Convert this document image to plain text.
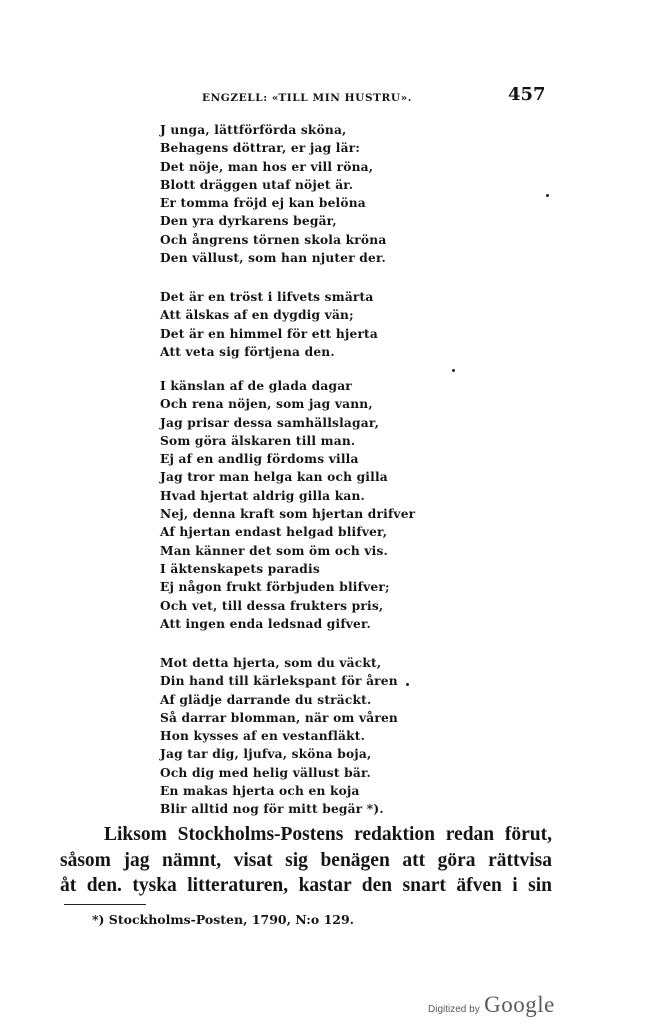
ENGZELL: «TILL MIN HUSTRU».	457
J unga, lättförförda sköna,
Behagens döttrar, er jag lär:
Det nöje, man hos er vill röna,
Blott dräggen utaf nöjet är.
Er tomma fröjd ej kan belöna
Den yra dyrkarens begär,
Och ångrens törnen skola kröna
Den vällust, som han njuter der.
Det är en tröst i lifvets smärta
Att älskas af en dygdig vän;
Det är en himmel för ett hjerta
Att veta sig förtjena den.
I känslan af de glada dagar
Och rena nöjen, som jag vann,
Jag prisar dessa samhällslagar,
Som göra älskaren till man.
Ej af en andlig fördoms villa
Jag tror man helga kan och gilla
Hvad hjertat aldrig gilla kan.
Nej, denna kraft som hjertan drifver
Af hjertan endast helgad blifver,
Man känner det som öm och vis.
I äktenskapets paradis
Ej någon frukt förbjuden blifver;
Och vet, till dessa frukters pris,
Att ingen enda ledsnad gifver.
Mot detta hjerta, som du väckt,
Din hand till kärlekspant för åren
Af glädje darrande du sträckt.
Så darrar blomman, när om våren
Hon kysses af en vestanfläkt.
Jag tar dig, ljufva, sköna boja,
Och dig med helig vällust bär.
En makas hjerta och en koja
Blir alltid nog för mitt begär *).
Liksom Stockholms-Postens redaktion redan förut,
såsom jag nämnt, visat sig benägen att göra rättvisa
åt den. tyska litteraturen, kastar den snart äfven i sin
*) Stockholms-Posten, 1790, N:o 129.
Digitized by Google
